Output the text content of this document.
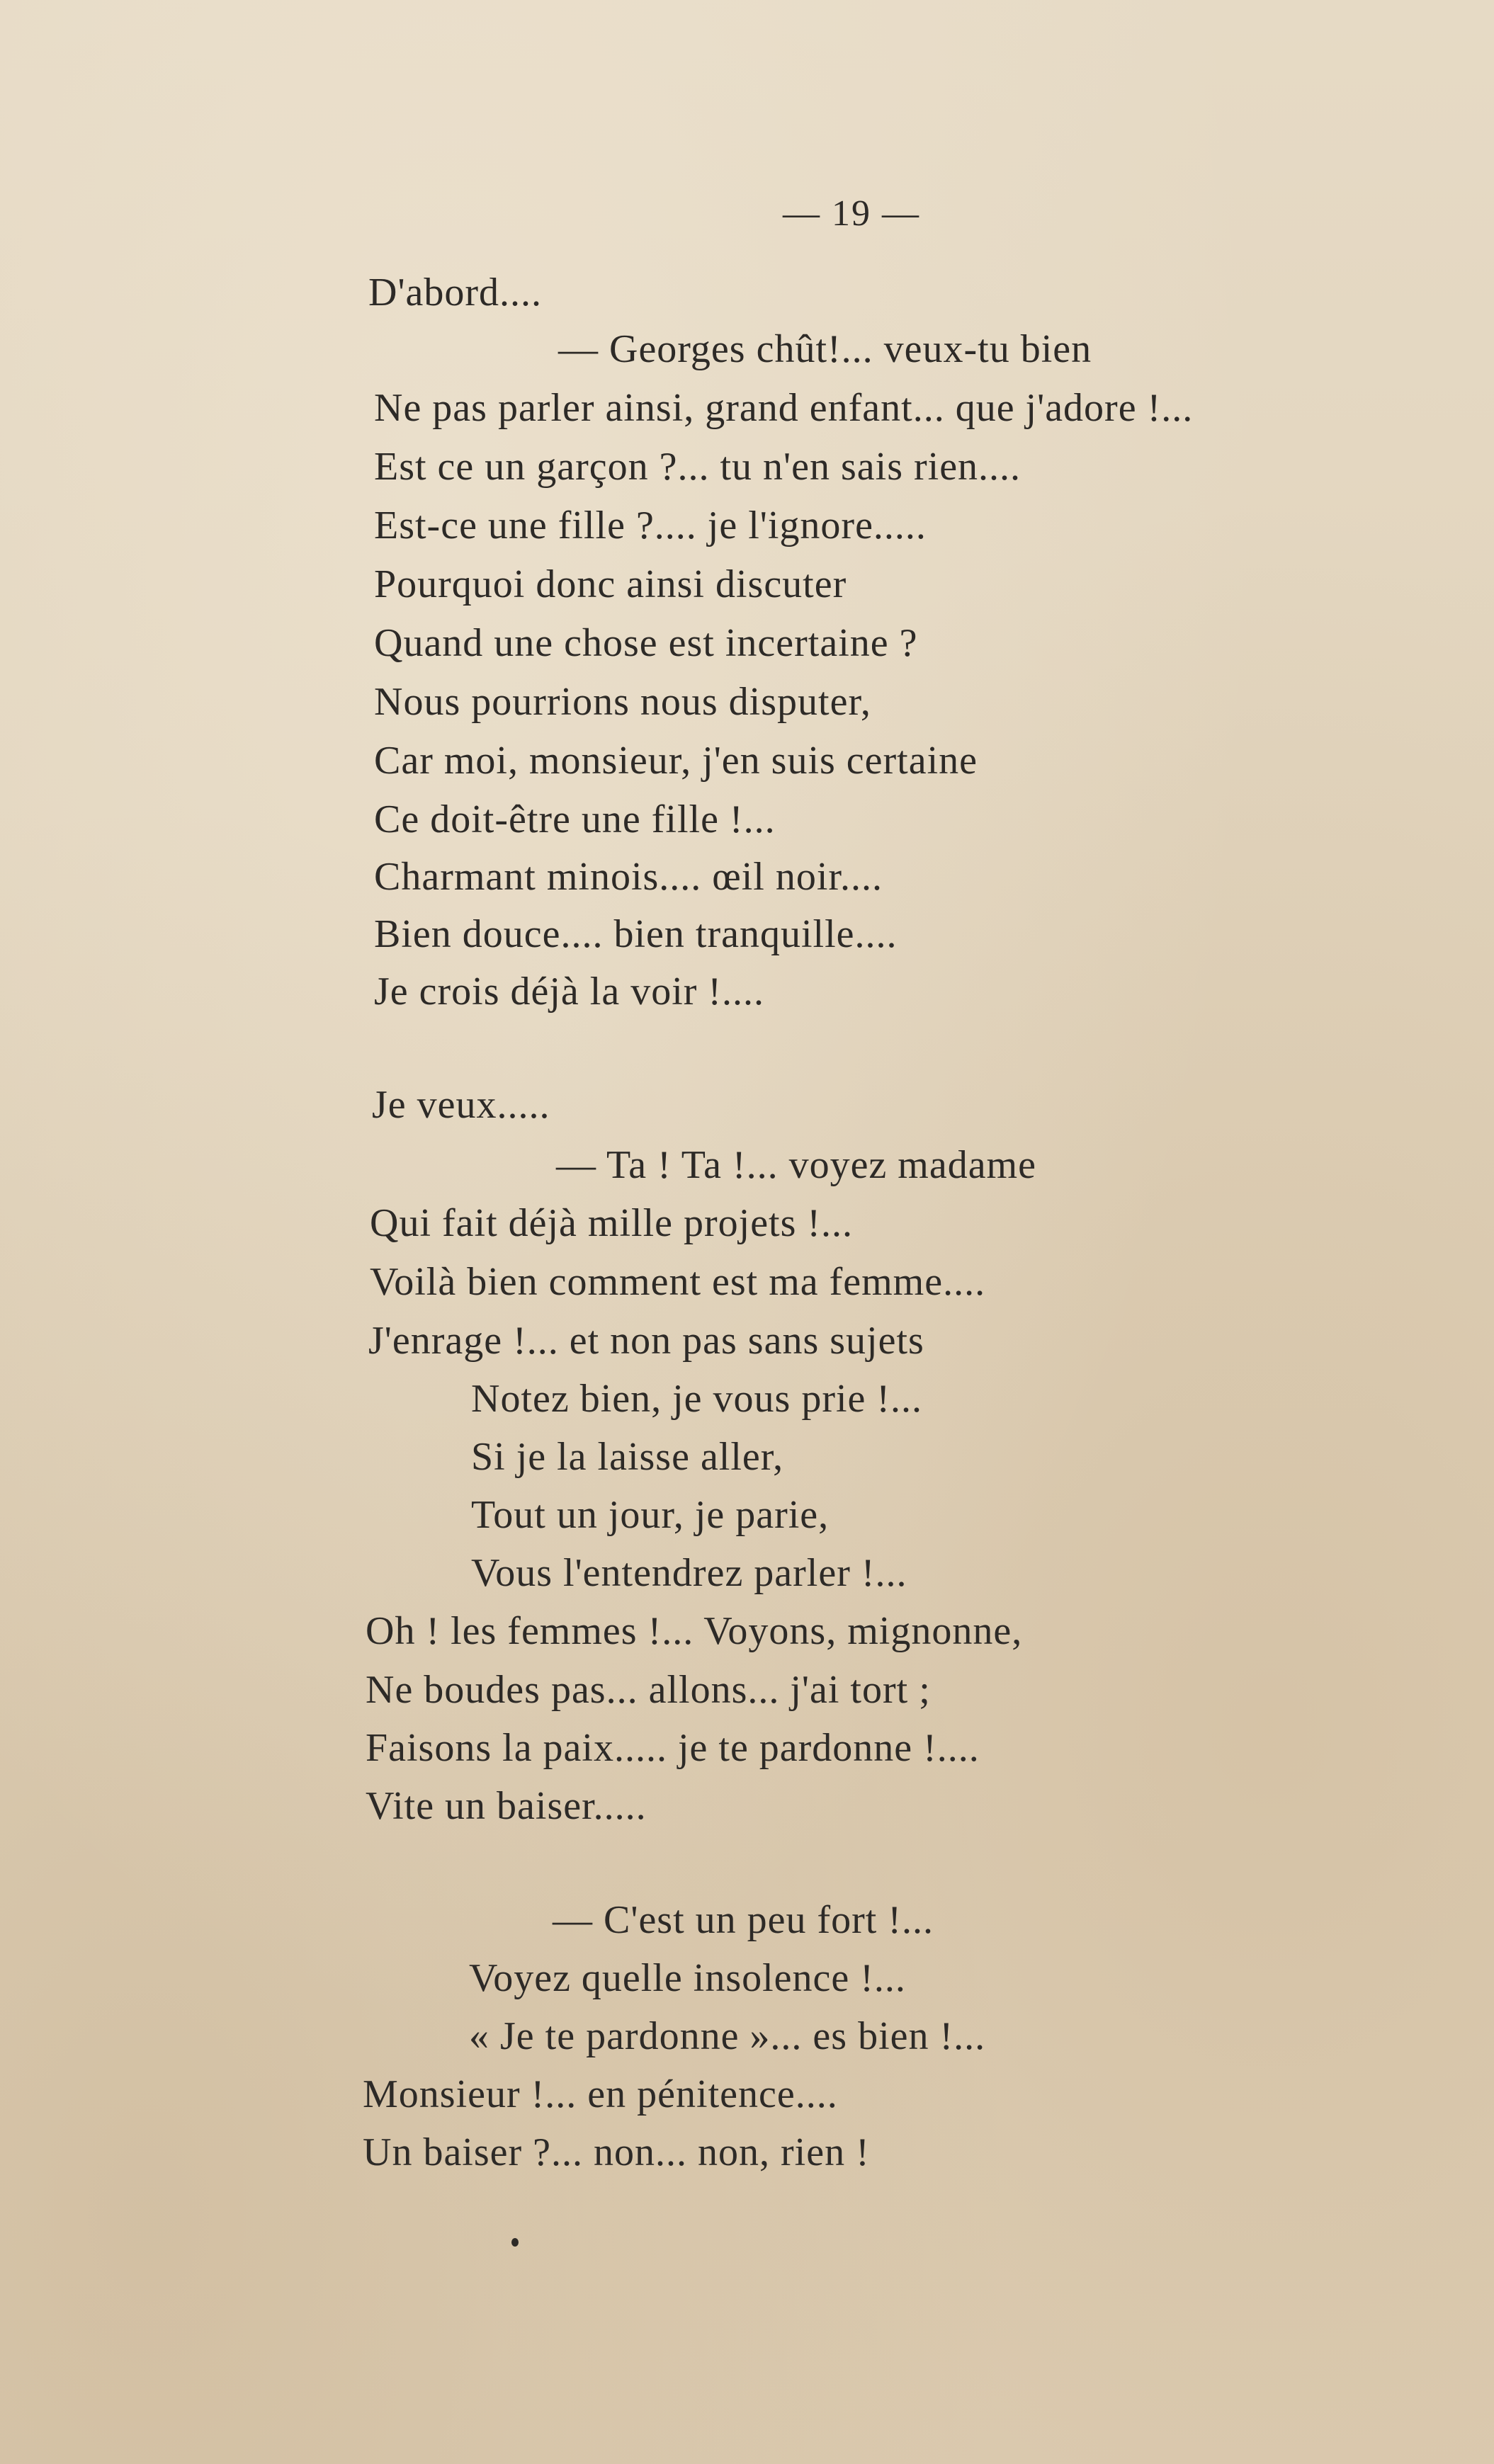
— 19 —
D'abord....
— Georges chût!... veux-tu bien
Ne pas parler ainsi, grand enfant... que j'adore !...
Est ce un garçon ?... tu n'en sais rien....
Est-ce une fille ?.... je l'ignore.....
Pourquoi donc ainsi discuter
Quand une chose est incertaine ?
Nous pourrions nous disputer,
Car moi, monsieur, j'en suis certaine
Ce doit-être une fille !...
Charmant minois.... œil noir....
Bien douce.... bien tranquille....
Je crois déjà la voir !....
Je veux.....
— Ta ! Ta !... voyez madame
Qui fait déjà mille projets !...
Voilà bien comment est ma femme....
J'enrage !... et non pas sans sujets
Notez bien, je vous prie !...
Si je la laisse aller,
Tout un jour, je parie,
Vous l'entendrez parler !...
Oh ! les femmes !... Voyons, mignonne,
Ne boudes pas... allons... j'ai tort ;
Faisons la paix..... je te pardonne !....
Vite un baiser.....
— C'est un peu fort !...
Voyez quelle insolence !...
« Je te pardonne »... es bien !...
Monsieur !... en pénitence....
Un baiser ?... non... non, rien !
